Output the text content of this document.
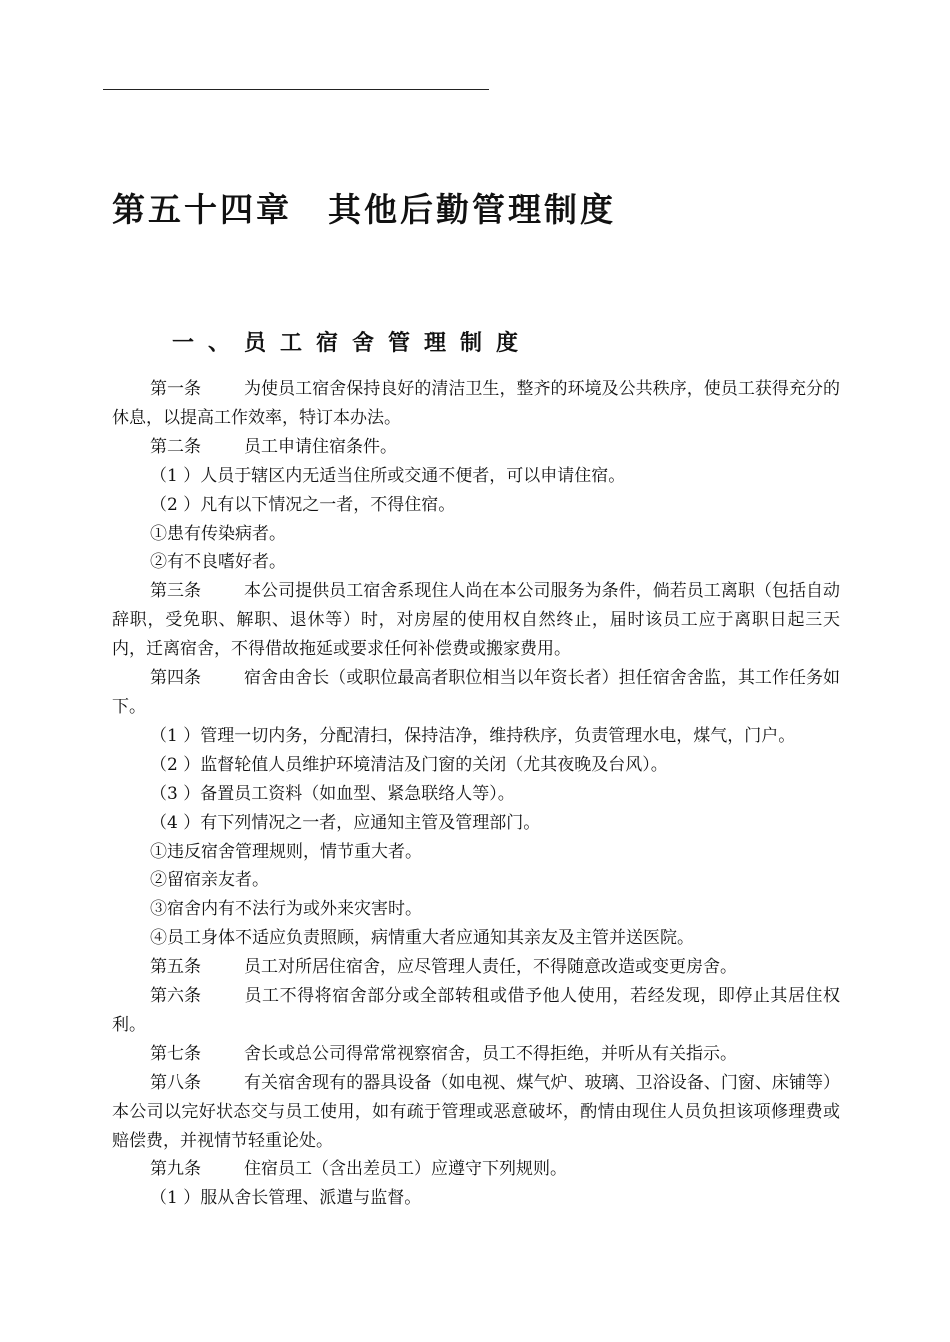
第五十四章　其他后勤管理制度
一、员工宿舍管理制度

第一条	为使员工宿舍保持良好的清洁卫生，整齐的环境及公共秩序，使员工获得充分的休息，以提高工作效率，特订本办法。

第二条	员工申请住宿条件。

（1 ）人员于辖区内无适当住所或交通不便者，可以申请住宿。

（2 ）凡有以下情况之一者，不得住宿。

①患有传染病者。

②有不良嗜好者。

第三条	本公司提供员工宿舍系现住人尚在本公司服务为条件，倘若员工离职（包括自动辞职，受免职、解职、退休等）时，对房屋的使用权自然终止，届时该员工应于离职日起三天内，迁离宿舍，不得借故拖延或要求任何补偿费或搬家费用。

第四条	宿舍由舍长（或职位最高者职位相当以年资长者）担任宿舍舍监，其工作任务如下。

（1 ）管理一切内务，分配清扫，保持洁净，维持秩序，负责管理水电，煤气，门户。

（2 ）监督轮值人员维护环境清洁及门窗的关闭（尤其夜晚及台风）。

（3 ）备置员工资料（如血型、紧急联络人等）。

（4 ）有下列情况之一者，应通知主管及管理部门。

①违反宿舍管理规则，情节重大者。

②留宿亲友者。

③宿舍内有不法行为或外来灾害时。

④员工身体不适应负责照顾，病情重大者应通知其亲友及主管并送医院。

第五条	员工对所居住宿舍，应尽管理人责任，不得随意改造或变更房舍。

第六条	员工不得将宿舍部分或全部转租或借予他人使用，若经发现，即停止其居住权利。

第七条	舍长或总公司得常常视察宿舍，员工不得拒绝，并听从有关指示。

第八条	有关宿舍现有的器具设备（如电视、煤气炉、玻璃、卫浴设备、门窗、床铺等）本公司以完好状态交与员工使用，如有疏于管理或恶意破坏，酌情由现住人员负担该项修理费或赔偿费，并视情节轻重论处。

第九条	住宿员工（含出差员工）应遵守下列规则。

（1 ）服从舍长管理、派遣与监督。
